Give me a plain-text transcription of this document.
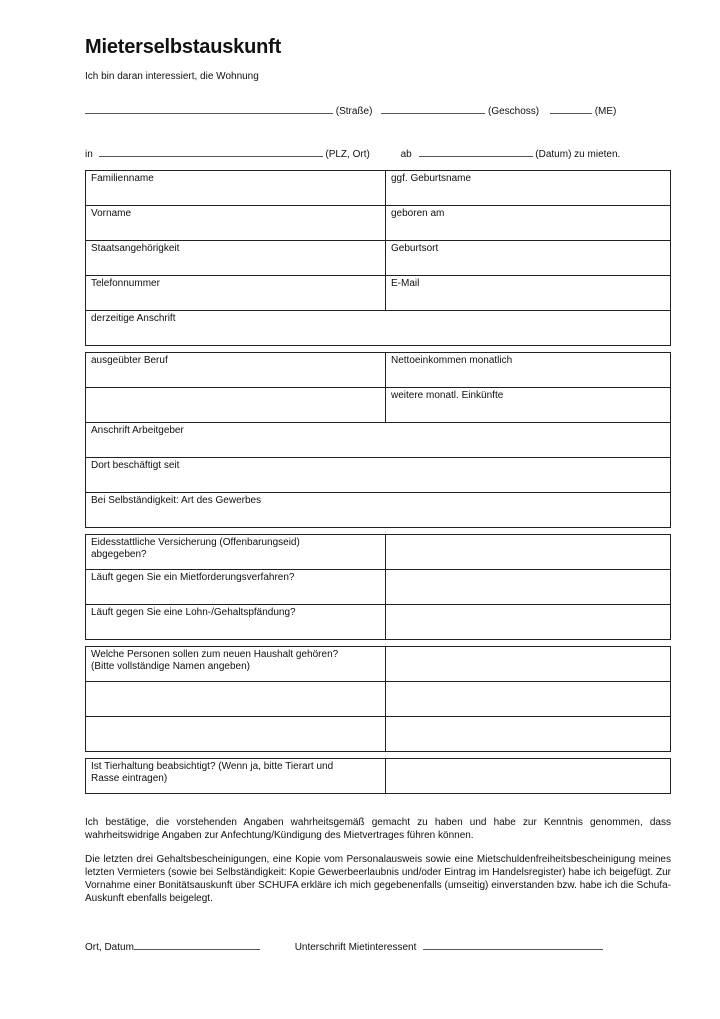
Mieterselbstauskunft
Ich bin daran interessiert, die Wohnung
(Straße)	(Geschoss)	(ME)
in	(PLZ, Ort)	ab	(Datum) zu mieten.
Familienname	ggf. Geburtsname
Vorname	geboren am
Staatsangehörigkeit	Geburtsort
Telefonnummer	E-Mail
derzeitige Anschrift	
ausgeübter Beruf	Nettoeinkommen monatlich
	weitere monatl. Einkünfte
Anschrift Arbeitgeber	
Dort beschäftigt seit	
Bei Selbständigkeit: Art des Gewerbes	
Eidesstattliche Versicherung (Offenbarungseid)
abgegeben?	
Läuft gegen Sie ein Mietforderungsverfahren?	
Läuft gegen Sie eine Lohn-/Gehaltspfändung?	
Welche Personen sollen zum neuen Haushalt gehören?
(Bitte vollständige Namen angeben)	

Ist Tierhaltung beabsichtigt? (Wenn ja, bitte Tierart und
Rasse eintragen)	

Ich bestätige, die vorstehenden Angaben wahrheitsgemäß gemacht zu haben und habe zur Kenntnis genommen, dass wahrheitswidrige Angaben zur Anfechtung/Kündigung des Mietvertrages führen können.

Die letzten drei Gehaltsbescheinigungen, eine Kopie vom Personalausweis sowie eine Mietschuldenfreiheitsbescheinigung meines letzten Vermieters (sowie bei Selbständigkeit: Kopie Gewerbeerlaubnis und/oder Eintrag im Handelsregister) habe ich beigefügt. Zur Vornahme einer Bonitätsauskunft über SCHUFA erkläre ich mich gegebenenfalls (umseitig) einverstanden bzw. habe ich die Schufa-Auskunft ebenfalls beigelegt.

Ort, Datum	Unterschrift Mietinteressent
